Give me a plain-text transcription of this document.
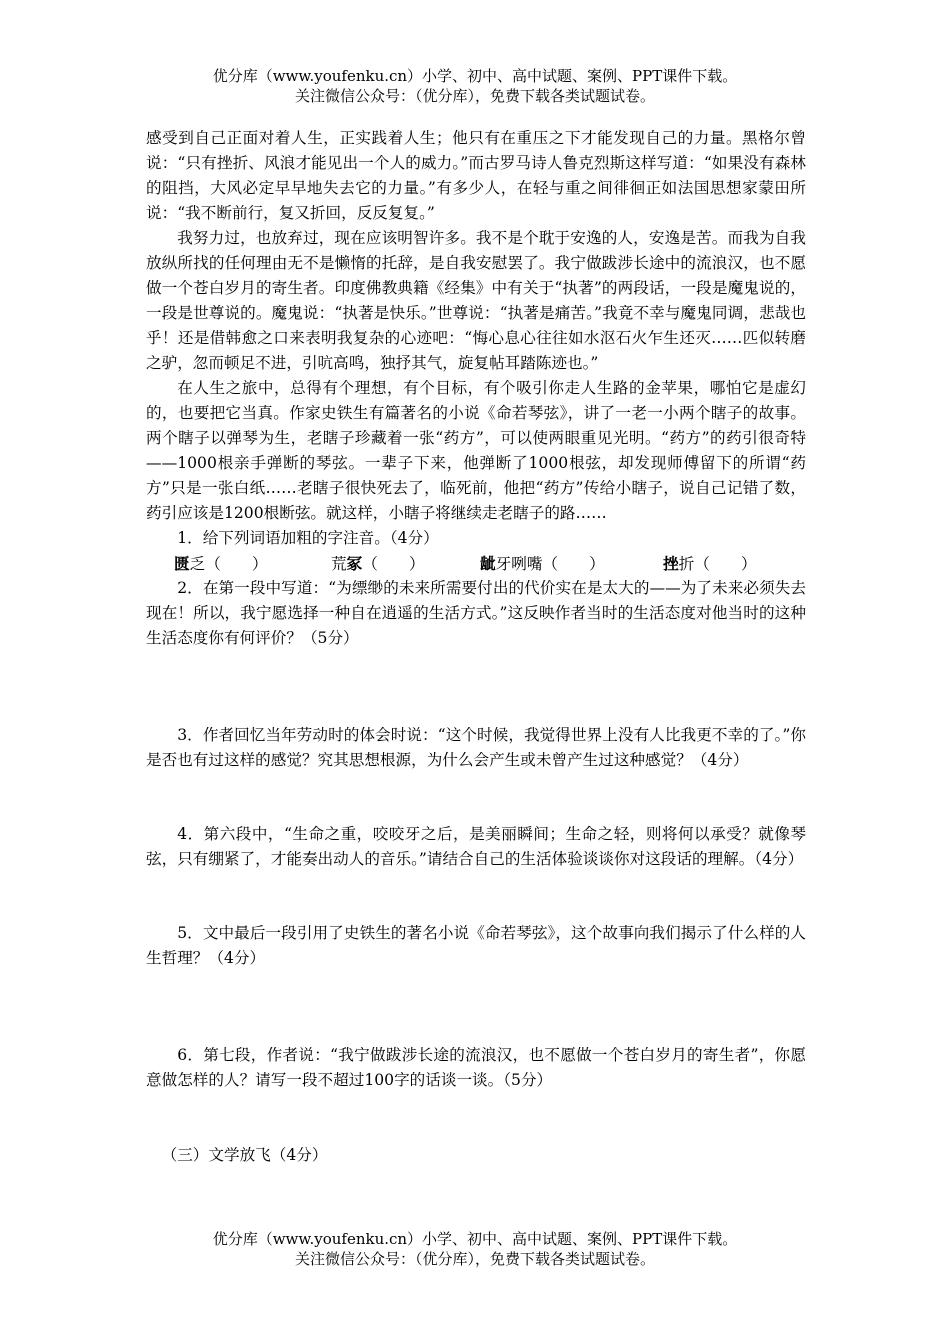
优分库（www.youfenku.cn）小学、初中、高中试题、案例、PPT课件下载。
关注微信公众号：（优分库），免费下载各类试题试卷。

感受到自己正面对着人生，正实践着人生；他只有在重压之下才能发现自己的力量。黑格尔曾说：“只有挫折、风浪才能见出一个人的威力。”而古罗马诗人鲁克烈斯这样写道：“如果没有森林的阻挡，大风必定早早地失去它的力量。”有多少人，在轻与重之间徘徊正如法国思想家蒙田所说：“我不断前行，复又折回，反反复复。”

我努力过，也放弃过，现在应该明智许多。我不是个耽于安逸的人，安逸是苦。而我为自我放纵所找的任何理由无不是懒惰的托辞，是自我安慰罢了。我宁做跋涉长途中的流浪汉，也不愿做一个苍白岁月的寄生者。印度佛教典籍《经集》中有关于“执著”的两段话，一段是魔鬼说的，一段是世尊说的。魔鬼说：“执著是快乐。”世尊说：“执著是痛苦。”我竟不幸与魔鬼同调，悲哉也乎！还是借韩愈之口来表明我复杂的心迹吧：“悔心息心往往如水沤石火乍生还灭……匹似转磨之驴，忽而顿足不进，引吭高鸣，独抒其气，旋复帖耳踏陈迹也。”

在人生之旅中，总得有个理想，有个目标，有个吸引你走人生路的金苹果，哪怕它是虚幻的，也要把它当真。作家史铁生有篇著名的小说《命若琴弦》，讲了一老一小两个瞎子的故事。两个瞎子以弹琴为生，老瞎子珍藏着一张“药方”，可以使两眼重见光明。“药方”的药引很奇特——1000根亲手弹断的琴弦。一辈子下来，他弹断了1000根弦，却发现师傅留下的所谓“药方”只是一张白纸……老瞎子很快死去了，临死前，他把“药方”传给小瞎子，说自己记错了数，药引应该是1200根断弦。就这样，小瞎子将继续走老瞎子的路……

1．给下列词语加粗的字注音。（4分）

匮乏（　　）	荒冢（　　）	龇牙咧嘴（　　）	挫折（　　）

2．在第一段中写道：“为缥缈的未来所需要付出的代价实在是太大的——为了未来必须失去现在！所以，我宁愿选择一种自在逍遥的生活方式。”这反映作者当时的生活态度对他当时的这种生活态度你有何评价？（5分）

3．作者回忆当年劳动时的体会时说：“这个时候，我觉得世界上没有人比我更不幸的了。”你是否也有过这样的感觉？究其思想根源，为什么会产生或未曾产生过这种感觉？（4分）

4．第六段中，“生命之重，咬咬牙之后，是美丽瞬间；生命之轻，则将何以承受？就像琴弦，只有绷紧了，才能奏出动人的音乐。”请结合自己的生活体验谈谈你对这段话的理解。（4分）

5．文中最后一段引用了史铁生的著名小说《命若琴弦》，这个故事向我们揭示了什么样的人生哲理？（4分）

6．第七段，作者说：“我宁做跋涉长途的流浪汉，也不愿做一个苍白岁月的寄生者”，你愿意做怎样的人？请写一段不超过100字的话谈一谈。（5分）

（三）文学放飞（4分）

优分库（www.youfenku.cn）小学、初中、高中试题、案例、PPT课件下载。
关注微信公众号：（优分库），免费下载各类试题试卷。
